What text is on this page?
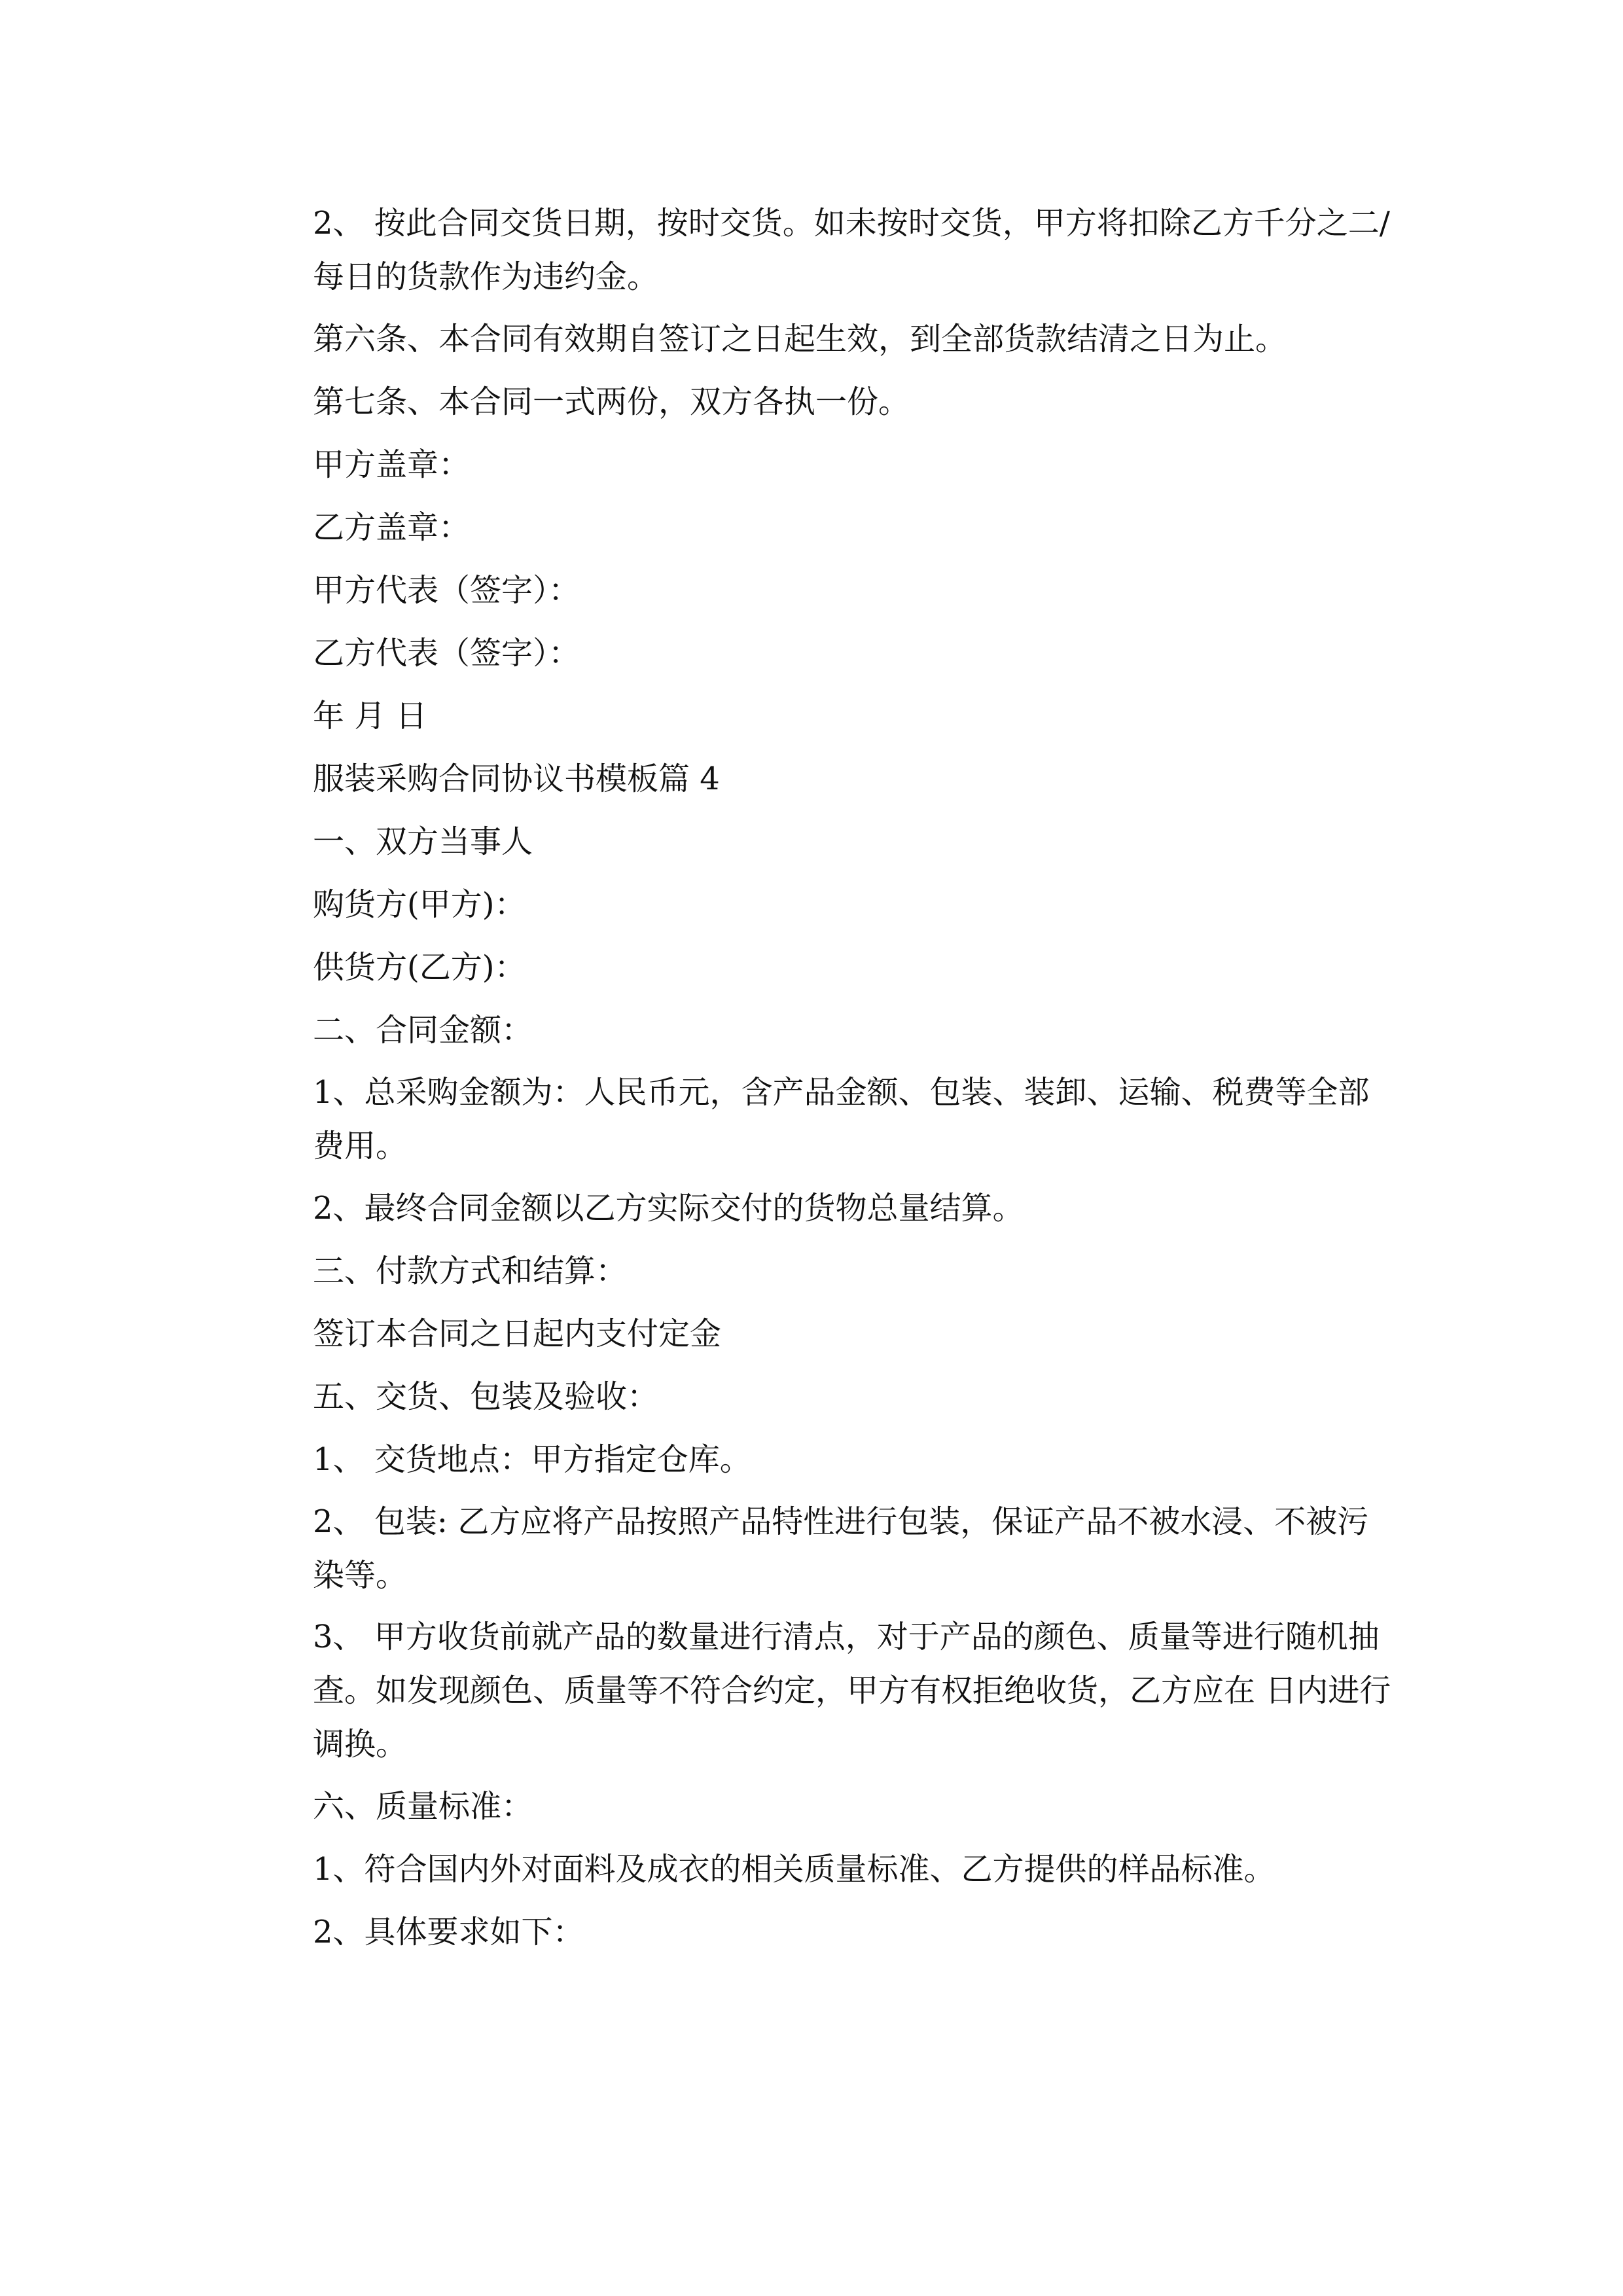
2、 按此合同交货日期，按时交货。如未按时交货，甲方将扣除乙方千分之二/每日的货款作为违约金。

第六条、本合同有效期自签订之日起生效，到全部货款结清之日为止。

第七条、本合同一式两份，双方各执一份。

甲方盖章：

乙方盖章：

甲方代表（签字）：

乙方代表（签字）：

年 月 日

服装采购合同协议书模板篇 4

一、双方当事人

购货方(甲方)：

供货方(乙方)：

二、合同金额：

1、总采购金额为：人民币元，含产品金额、包装、装卸、运输、税费等全部费用。

2、最终合同金额以乙方实际交付的货物总量结算。

三、付款方式和结算：

签订本合同之日起内支付定金

五、交货、包装及验收：

1、 交货地点：甲方指定仓库。

2、 包装: 乙方应将产品按照产品特性进行包装，保证产品不被水浸、不被污染等。

3、 甲方收货前就产品的数量进行清点，对于产品的颜色、质量等进行随机抽查。如发现颜色、质量等不符合约定，甲方有权拒绝收货，乙方应在 日内进行调换。

六、质量标准：

1、符合国内外对面料及成衣的相关质量标准、乙方提供的样品标准。

2、具体要求如下：
